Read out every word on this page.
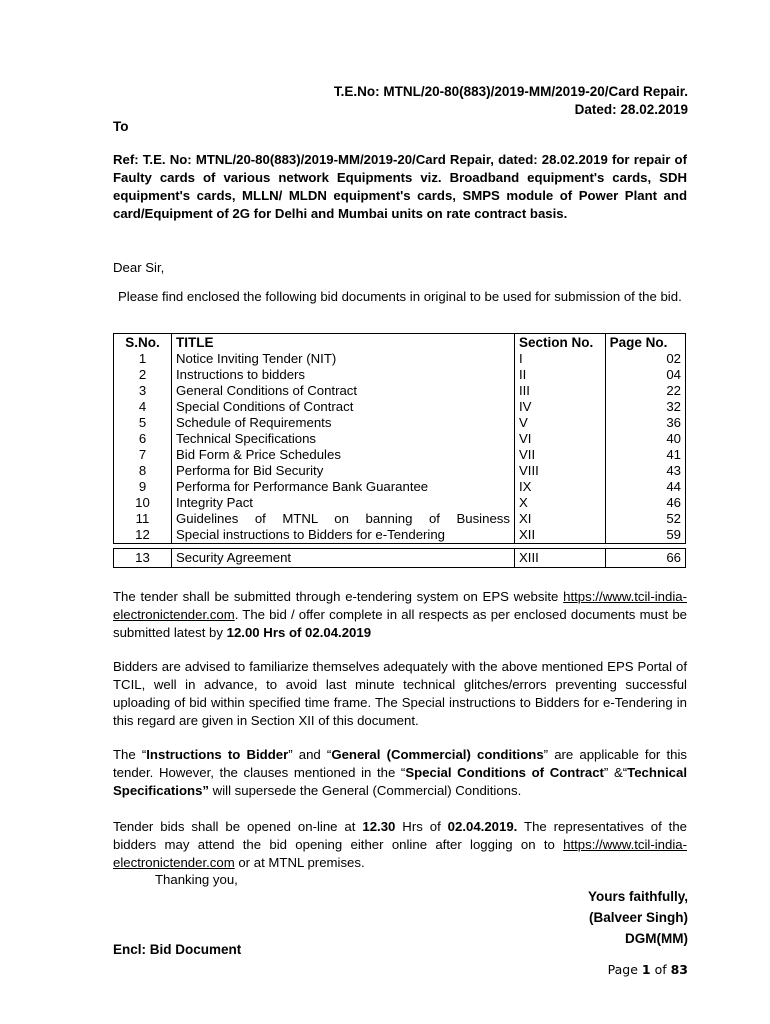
T.E.No: MTNL/20-80(883)/2019-MM/2019-20/Card Repair.
Dated: 28.02.2019
To
Ref: T.E. No: MTNL/20-80(883)/2019-MM/2019-20/Card Repair, dated: 28.02.2019 for repair of Faulty cards of various network Equipments viz. Broadband equipment's cards, SDH equipment's cards, MLLN/ MLDN equipment's cards, SMPS module of Power Plant and card/Equipment of 2G for Delhi and Mumbai units on rate contract basis.
Dear Sir,
Please find enclosed the following bid documents in original to be used for submission of the bid.
S.No.	TITLE	Section No.	Page No.
1	Notice Inviting Tender (NIT)	I	02
2	Instructions to bidders	II	04
3	General Conditions of Contract	III	22
4	Special Conditions of Contract	IV	32
5	Schedule of Requirements	V	36
6	Technical Specifications	VI	40
7	Bid Form & Price Schedules	VII	41
8	Performa for Bid Security	VIII	43
9	Performa for Performance Bank Guarantee	IX	44
10	Integrity Pact	X	46
11	Guidelines of MTNL on banning of Business	XI	52
12	Special instructions to Bidders for e-Tendering	XII	59

13	Security Agreement	XIII	66
The tender shall be submitted through e-tendering system on EPS website https://www.tcil-india-electronictender.com. The bid / offer complete in all respects as per enclosed documents must be submitted latest by 12.00 Hrs of 02.04.2019
Bidders are advised to familiarize themselves adequately with the above mentioned EPS Portal of TCIL, well in advance, to avoid last minute technical glitches/errors preventing successful uploading of bid within specified time frame. The Special instructions to Bidders for e-Tendering in this regard are given in Section XII of this document.
The “Instructions to Bidder” and “General (Commercial) conditions” are applicable for this tender. However, the clauses mentioned in the “Special Conditions of Contract” &“Technical Specifications” will supersede the General (Commercial) Conditions.
Tender bids shall be opened on-line at 12.30 Hrs of 02.04.2019. The representatives of the bidders may attend the bid opening either online after logging on to https://www.tcil-india-electronictender.com or at MTNL premises.
Thanking you,
Yours faithfully,
(Balveer Singh)
DGM(MM)
Encl: Bid Document
Page 1 of 83
